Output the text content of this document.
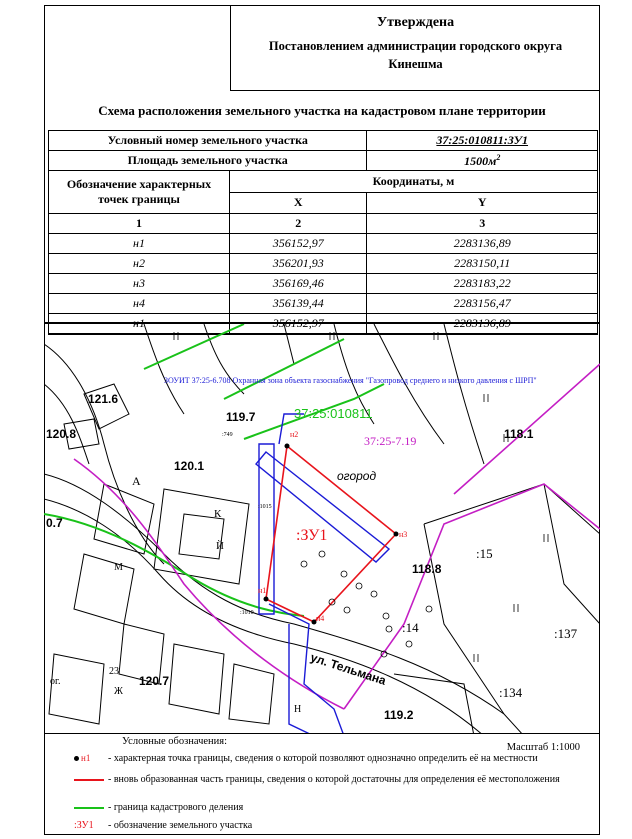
Утверждена
Постановлением администрации городского округа
Кинешма
Схема расположения земельного участка на кадастровом плане территории
Условный номер земельного участка		37:25:010811:ЗУ1
Площадь земельного участка		$1500м^2$
Обозначение характерных точек границы	Координаты, м	
	X	Y
1	2	3
н1	356152,97	2283136,89
н2	356201,93	2283150,11
н3	356169,46	2283183,22
н4	356139,44	2283156,47
н1	356152,97	2283136,89
ЗОУИТ 37:25-6.708 Охранная зона объекта газоснабжения "Газопровод среднего и низкого давления с ШРП"
37:25:010811
37:25-7.19
:ЗУ1
огород
ул. Тельмана
н2
н3
н4
н1
121.6
120.8
119.7
120.1
118.1
118.8
120.7
119.2
0.7
:15
:14	:137
:134
:1015
:1010
:749
А
К
Й
Ж
23
Н
М
ог.
Условные обозначения:
Масштаб 1:1000
н1 - характерная точка границы, сведения о которой позволяют однозначно определить её на местности
- вновь образованная часть границы, сведения о которой достаточны для определения её местоположения
- граница кадастрового деления
:ЗУ1 - обозначение земельного участка
